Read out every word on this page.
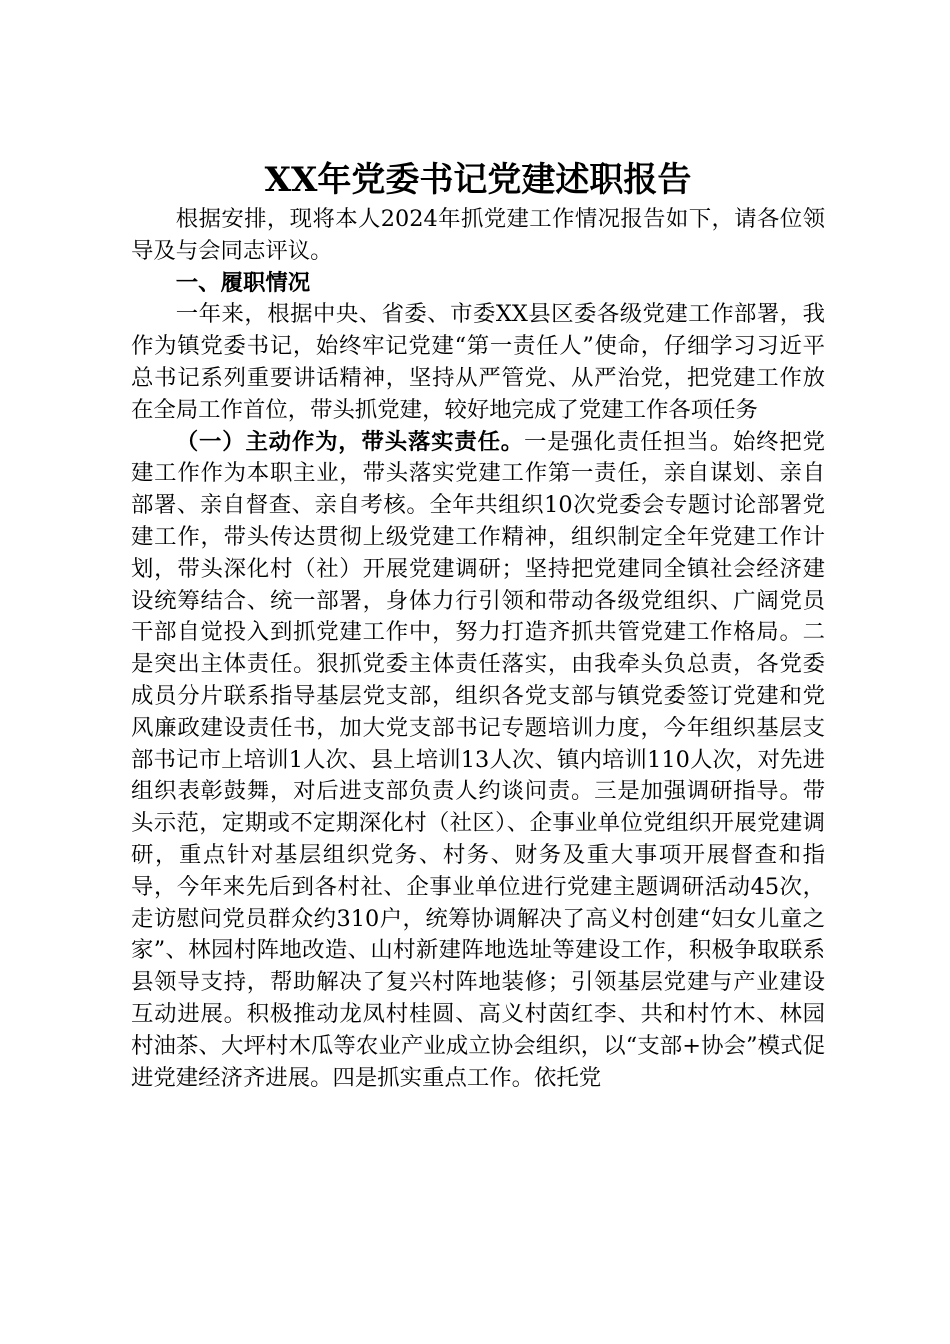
XX年党委书记党建述职报告

根据安排，现将本人2024年抓党建工作情况报告如下，请各位领导及与会同志评议。

一、履职情况

一年来，根据中央、省委、市委XX县区委各级党建工作部署，我作为镇党委书记，始终牢记党建“第一责任人”使命，仔细学习习近平总书记系列重要讲话精神，坚持从严管党、从严治党，把党建工作放在全局工作首位，带头抓党建，较好地完成了党建工作各项任务

（一）主动作为，带头落实责任。一是强化责任担当。始终把党建工作作为本职主业，带头落实党建工作第一责任，亲自谋划、亲自部署、亲自督查、亲自考核。全年共组织10次党委会专题讨论部署党建工作，带头传达贯彻上级党建工作精神，组织制定全年党建工作计划，带头深化村（社）开展党建调研；坚持把党建同全镇社会经济建设统筹结合、统一部署，身体力行引领和带动各级党组织、广阔党员干部自觉投入到抓党建工作中，努力打造齐抓共管党建工作格局。二是突出主体责任。狠抓党委主体责任落实，由我牵头负总责，各党委成员分片联系指导基层党支部，组织各党支部与镇党委签订党建和党风廉政建设责任书，加大党支部书记专题培训力度，今年组织基层支部书记市上培训1人次、县上培训13人次、镇内培训110人次，对先进组织表彰鼓舞，对后进支部负责人约谈问责。三是加强调研指导。带头示范，定期或不定期深化村（社区）、企事业单位党组织开展党建调研，重点针对基层组织党务、村务、财务及重大事项开展督查和指导，今年来先后到各村社、企事业单位进行党建主题调研活动45次，走访慰问党员群众约310户，统筹协调解决了高义村创建“妇女儿童之家”、林园村阵地改造、山村新建阵地选址等建设工作，积极争取联系县领导支持，帮助解决了复兴村阵地装修；引领基层党建与产业建设互动进展。积极推动龙凤村桂圆、高义村茵红李、共和村竹木、林园村油茶、大坪村木瓜等农业产业成立协会组织，以“支部+协会”模式促进党建经济齐进展。四是抓实重点工作。依托党
